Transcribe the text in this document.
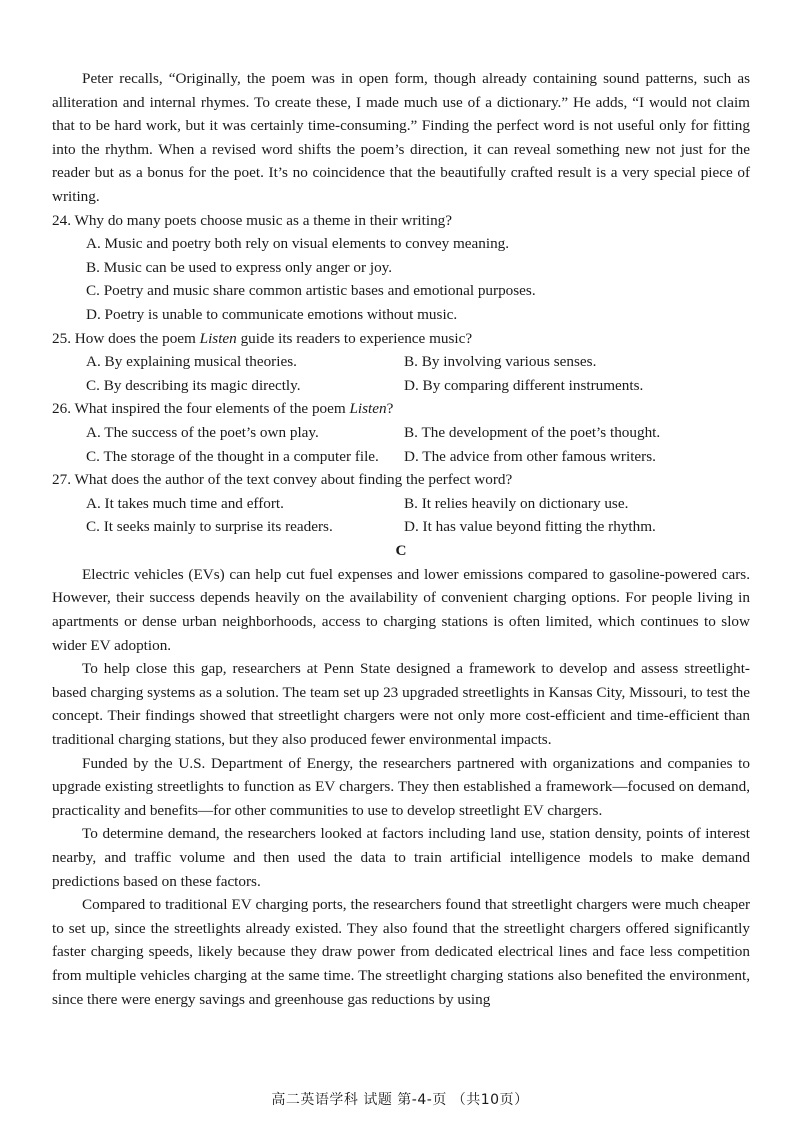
Peter recalls, “Originally, the poem was in open form, though already containing sound patterns, such as alliteration and internal rhymes. To create these, I made much use of a dictionary.” He adds, “I would not claim that to be hard work, but it was certainly time-consuming.” Finding the perfect word is not useful only for fitting into the rhythm. When a revised word shifts the poem’s direction, it can reveal something new not just for the reader but as a bonus for the poet. It’s no coincidence that the beautifully crafted result is a very special piece of writing.

24. Why do many poets choose music as a theme in their writing?

A. Music and poetry both rely on visual elements to convey meaning.

B. Music can be used to express only anger or joy.

C. Poetry and music share common artistic bases and emotional purposes.

D. Poetry is unable to communicate emotions without music.

25. How does the poem Listen guide its readers to experience music?

A. By explaining musical theories.	B. By involving various senses.

C. By describing its magic directly.	D. By comparing different instruments.

26. What inspired the four elements of the poem Listen?

A. The success of the poet’s own play.	B. The development of the poet’s thought.

C. The storage of the thought in a computer file.	D. The advice from other famous writers.

27. What does the author of the text convey about finding the perfect word?

A. It takes much time and effort.	B. It relies heavily on dictionary use.

C. It seeks mainly to surprise its readers.	D. It has value beyond fitting the rhythm.

C

Electric vehicles (EVs) can help cut fuel expenses and lower emissions compared to gasoline-powered cars. However, their success depends heavily on the availability of convenient charging options. For people living in apartments or dense urban neighborhoods, access to charging stations is often limited, which continues to slow wider EV adoption.

To help close this gap, researchers at Penn State designed a framework to develop and assess streetlight-based charging systems as a solution. The team set up 23 upgraded streetlights in Kansas City, Missouri, to test the concept. Their findings showed that streetlight chargers were not only more cost-efficient and time-efficient than traditional charging stations, but they also produced fewer environmental impacts.

Funded by the U.S. Department of Energy, the researchers partnered with organizations and companies to upgrade existing streetlights to function as EV chargers. They then established a framework—focused on demand, practicality and benefits—for other communities to use to develop streetlight EV chargers.

To determine demand, the researchers looked at factors including land use, station density, points of interest nearby, and traffic volume and then used the data to train artificial intelligence models to make demand predictions based on these factors.

Compared to traditional EV charging ports, the researchers found that streetlight chargers were much cheaper to set up, since the streetlights already existed. They also found that the streetlight chargers offered significantly faster charging speeds, likely because they draw power from dedicated electrical lines and face less competition from multiple vehicles charging at the same time. The streetlight charging stations also benefited the environment, since there were energy savings and greenhouse gas reductions by using

高二英语学科 试题 第-4-页 （共10页）
